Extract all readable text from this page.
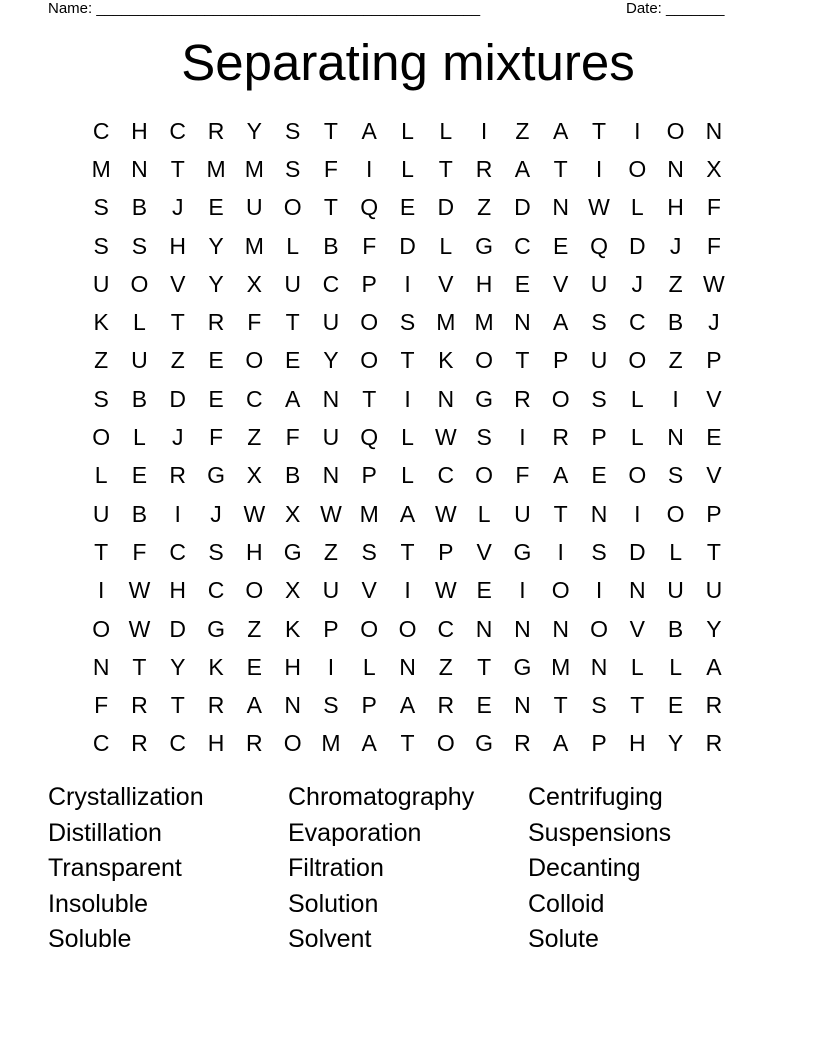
Name: ______________________________________________	Date: _______
Separating mixtures
C H C R Y S	T	A	L	L	I	Z	A	T	I	O N
M N T M M S	F	I	L	T R A	T	I	O N X
S B	J	E U O T Q E D Z D N W L	H F
S S H Y M L	B	F D	L G C E Q D	J	F
U O V Y X U C P	I	V H E V U	J	Z W
K	L	T R F	T U O S M M N A S C B	J
Z U Z	E O E Y O T	K O T	P U O Z	P
S B D E C A N T	I	N G R O S	L	I	V
O L	J	F	Z	F U Q L W S	I	R P	L	N E
L	E R G X B N P	L	C O F	A E O S V
U B	I	J W X W M A W L	U T N	I	O P
T	F C S H G Z	S	T	P V G	I	S D	L	T
I	W H C O X U V	I	W E	I	O	I	N U U
O W D G Z	K P O O C N N N O V B Y
N T	Y K E H	I	L	N Z	T G M N	L	L	A
F R T R A N S P A R E N T	S	T	E R
C R C H R O M A	T O G R A P H Y R
Crystallization	Chromatography	Centrifuging
Distillation	Evaporation	Suspensions
Transparent	Filtration	Decanting
Insoluble	Solution	Colloid
Soluble	Solvent	Solute
